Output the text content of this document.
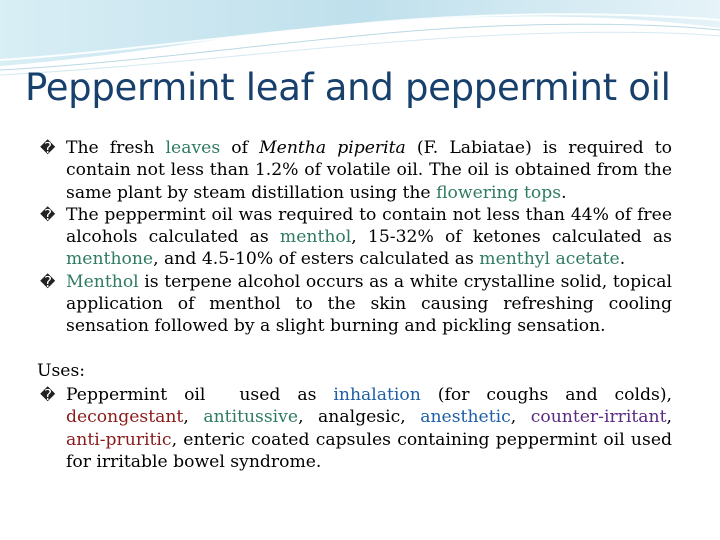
Peppermint leaf and peppermint oil

� The fresh leaves of Mentha piperita (F. Labiatae) is required to contain not less than 1.2% of volatile oil. The oil is obtained from the same plant by steam distillation using the flowering tops.

� The peppermint oil was required to contain not less than 44% of free alcohols calculated as menthol, 15-32% of ketones calculated as menthone, and 4.5-10% of esters calculated as menthyl acetate.

� Menthol is terpene alcohol occurs as a white crystalline solid, topical application of menthol to the skin causing refreshing cooling sensation followed by a slight burning and pickling sensation.

Uses:

� Peppermint oil  used as inhalation (for coughs and colds), decongestant, antitussive, analgesic, anesthetic, counter-irritant, anti-pruritic, enteric coated capsules containing peppermint oil used for irritable bowel syndrome.
